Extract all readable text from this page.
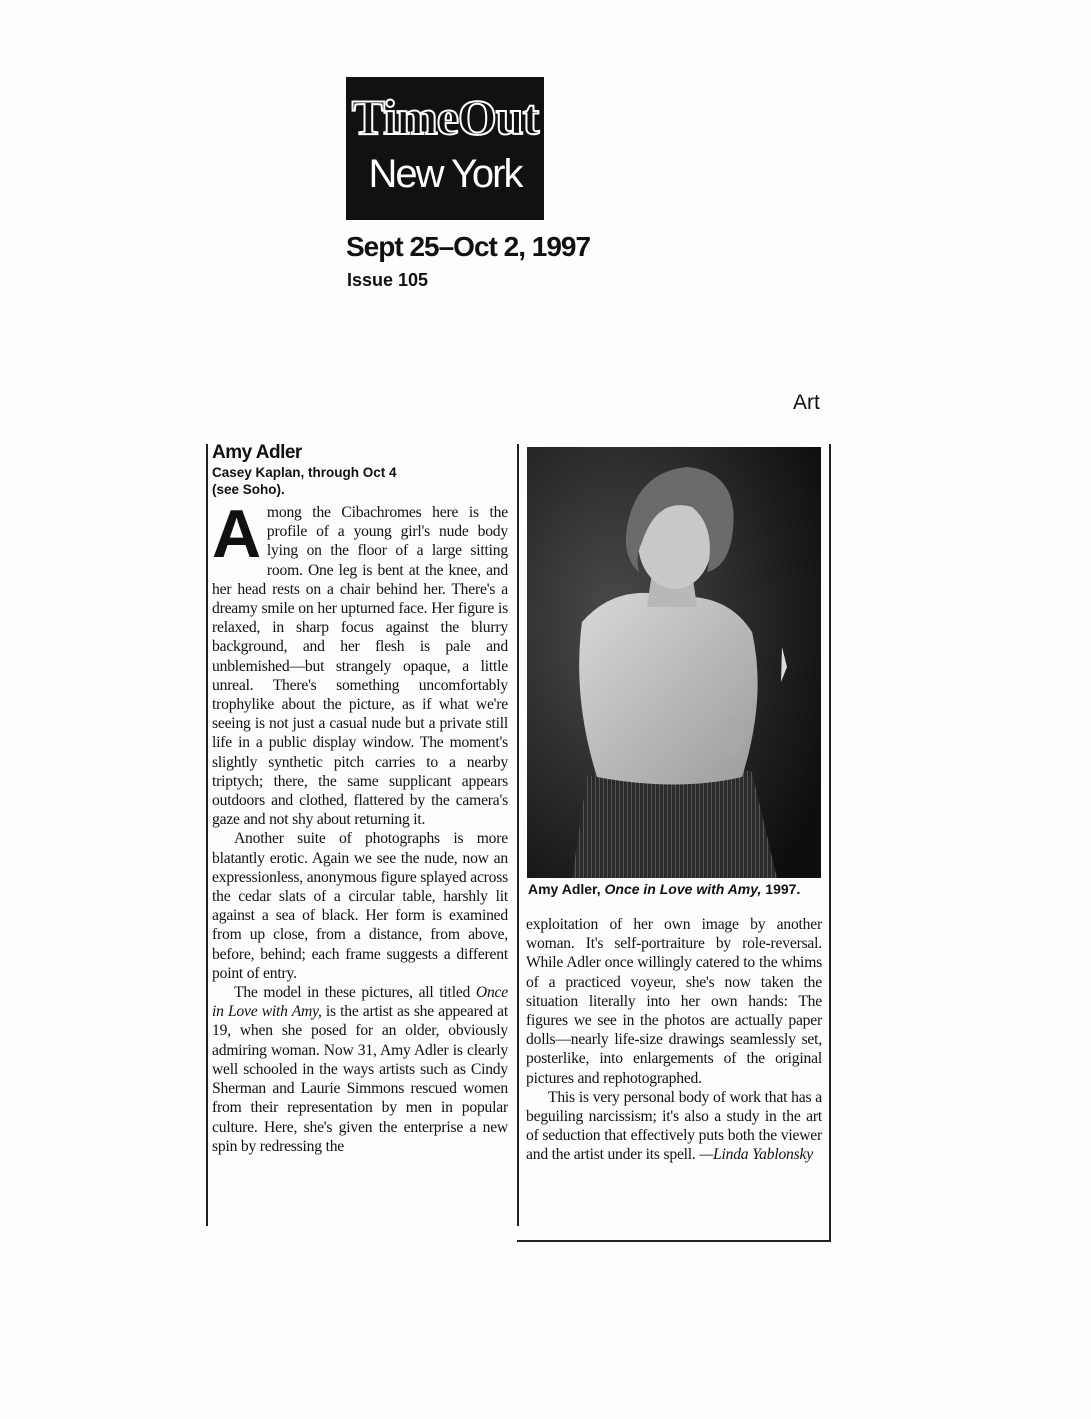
TimeOut
New York
Sept 25–Oct 2, 1997
Issue 105
Art
Amy Adler
Casey Kaplan, through Oct 4
(see Soho).

Among the Cibachromes here is the profile of a young girl's nude body lying on the floor of a large sitting room. One leg is bent at the knee, and her head rests on a chair behind her. There's a dreamy smile on her upturned face. Her figure is relaxed, in sharp focus against the blurry background, and her flesh is pale and unblemished—but strangely opaque, a little unreal. There's something uncomfortably trophylike about the picture, as if what we're seeing is not just a casual nude but a private still life in a public display window. The moment's slightly synthetic pitch carries to a nearby triptych; there, the same supplicant appears outdoors and clothed, flattered by the camera's gaze and not shy about returning it.

Another suite of photographs is more blatantly erotic. Again we see the nude, now an expressionless, anonymous figure splayed across the cedar slats of a circular table, harshly lit against a sea of black. Her form is examined from up close, from a distance, from above, before, behind; each frame suggests a different point of entry.

The model in these pictures, all titled Once in Love with Amy, is the artist as she appeared at 19, when she posed for an older, obviously admiring woman. Now 31, Amy Adler is clearly well schooled in the ways artists such as Cindy Sherman and Laurie Simmons rescued women from their representation by men in popular culture. Here, she's given the enterprise a new spin by redressing the

Amy Adler, Once in Love with Amy, 1997.

exploitation of her own image by another woman. It's self-portraiture by role-reversal. While Adler once willingly catered to the whims of a practiced voyeur, she's now taken the situation literally into her own hands: The figures we see in the photos are actually paper dolls—nearly life-size drawings seamlessly set, posterlike, into enlargements of the original pictures and rephotographed.

This is very personal body of work that has a beguiling narcissism; it's also a study in the art of seduction that effectively puts both the viewer and the artist under its spell. —Linda Yablonsky
